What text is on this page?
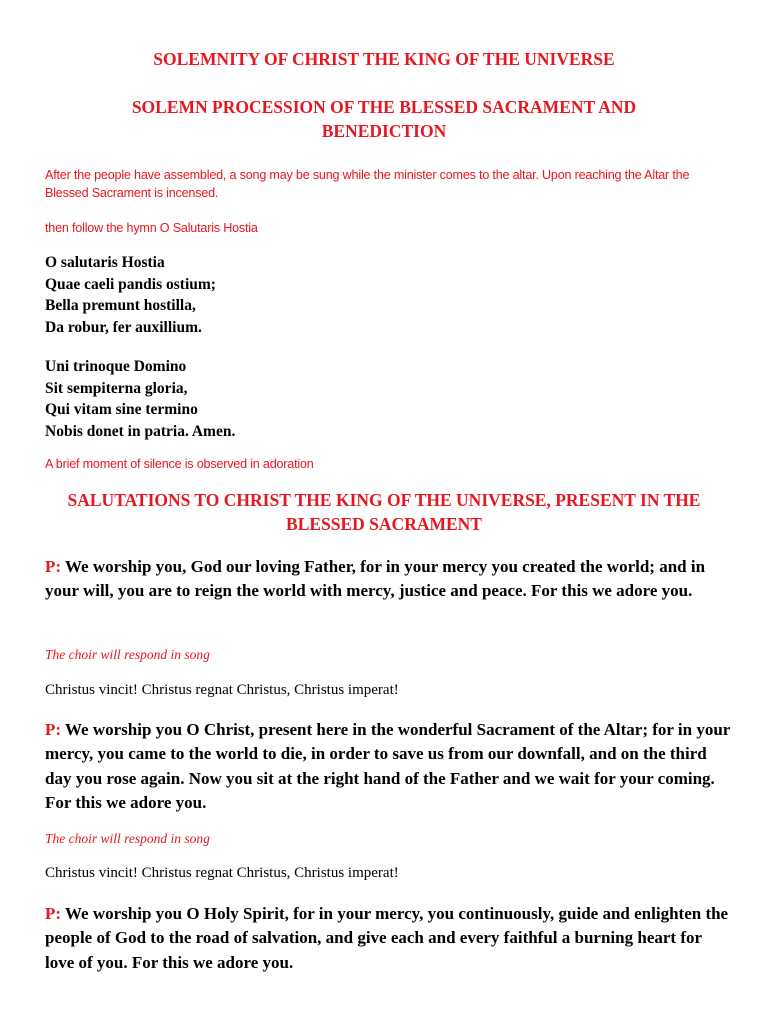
SOLEMNITY OF CHRIST THE KING OF THE UNIVERSE
SOLEMN PROCESSION OF THE BLESSED SACRAMENT AND BENEDICTION
After the people have assembled, a song may be sung while the minister comes to the altar. Upon reaching the Altar the Blessed Sacrament is incensed.
then follow the hymn O Salutaris Hostia
O salutaris Hostia
Quae caeli pandis ostium;
Bella premunt hostilla,
Da robur, fer auxillium.
Uni trinoque Domino
Sit sempiterna gloria,
Qui vitam sine termino
Nobis donet in patria. Amen.
A brief moment of silence is observed in adoration
SALUTATIONS TO CHRIST THE KING OF THE UNIVERSE, PRESENT IN THE BLESSED SACRAMENT
P: We worship you, God our loving Father, for in your mercy you created the world; and in your will, you are to reign the world with mercy, justice and peace. For this we adore you.
The choir will respond in song
Christus vincit! Christus regnat Christus, Christus imperat!
P: We worship you O Christ, present here in the wonderful Sacrament of the Altar; for in your mercy, you came to the world to die, in order to save us from our downfall, and on the third day you rose again. Now you sit at the right hand of the Father and we wait for your coming. For this we adore you.
The choir will respond in song
Christus vincit! Christus regnat Christus, Christus imperat!
P: We worship you O Holy Spirit, for in your mercy, you continuously, guide and enlighten the people of God to the road of salvation, and give each and every faithful a burning heart for love of you. For this we adore you.
